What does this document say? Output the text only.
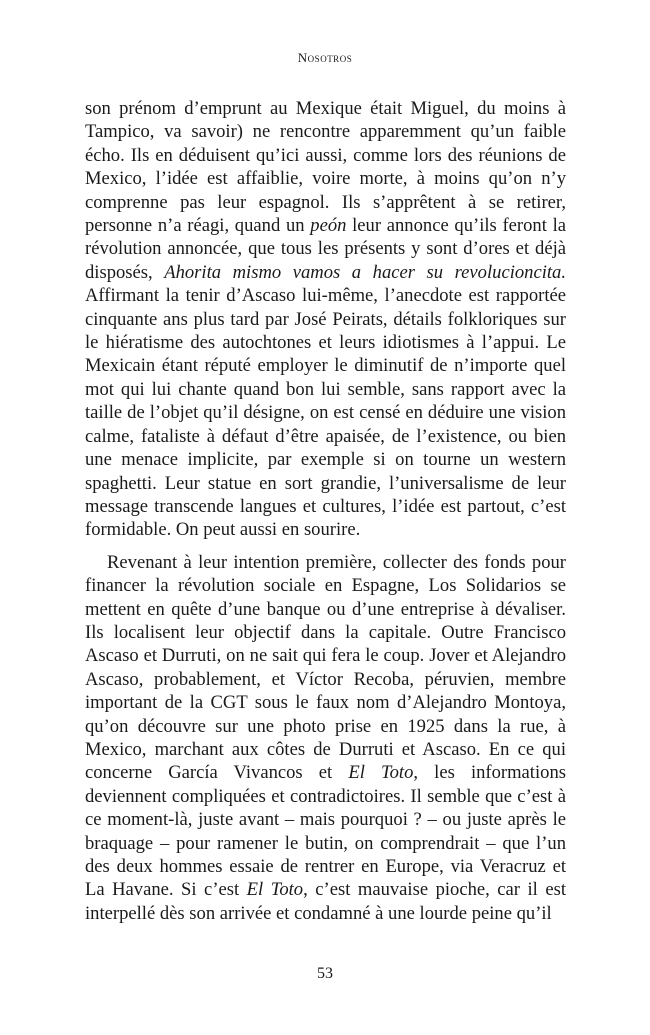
Nosotros

son prénom d’emprunt au Mexique était Miguel, du moins à Tampico, va savoir) ne rencontre apparemment qu’un faible écho. Ils en déduisent qu’ici aussi, comme lors des réunions de Mexico, l’idée est affaiblie, voire morte, à moins qu’on n’y comprenne pas leur espagnol. Ils s’apprêtent à se retirer, personne n’a réagi, quand un peón leur annonce qu’ils feront la révolution annoncée, que tous les présents y sont d’ores et déjà disposés, Ahorita mismo vamos a hacer su revolucioncita. Affirmant la tenir d’Ascaso lui-même, l’anecdote est rapportée cinquante ans plus tard par José Peirats, détails folkloriques sur le hiératisme des autochtones et leurs idiotismes à l’appui. Le Mexicain étant réputé employer le diminutif de n’importe quel mot qui lui chante quand bon lui semble, sans rapport avec la taille de l’objet qu’il désigne, on est censé en déduire une vision calme, fataliste à défaut d’être apaisée, de l’existence, ou bien une menace implicite, par exemple si on tourne un western spaghetti. Leur statue en sort grandie, l’universalisme de leur message transcende langues et cultures, l’idée est partout, c’est formidable. On peut aussi en sourire.

Revenant à leur intention première, collecter des fonds pour financer la révolution sociale en Espagne, Los Solidarios se mettent en quête d’une banque ou d’une entreprise à dévaliser. Ils localisent leur objectif dans la capitale. Outre Francisco Ascaso et Durruti, on ne sait qui fera le coup. Jover et Alejandro Ascaso, probablement, et Víctor Recoba, péruvien, membre important de la CGT sous le faux nom d’Alejandro Montoya, qu’on découvre sur une photo prise en 1925 dans la rue, à Mexico, marchant aux côtes de Durruti et Ascaso. En ce qui concerne García Vivancos et El Toto, les informations deviennent compliquées et contradictoires. Il semble que c’est à ce moment-là, juste avant – mais pourquoi ? – ou juste après le braquage – pour ramener le butin, on comprendrait – que l’un des deux hommes essaie de rentrer en Europe, via Veracruz et La Havane. Si c’est El Toto, c’est mauvaise pioche, car il est interpellé dès son arrivée et condamné à une lourde peine qu’il

53
